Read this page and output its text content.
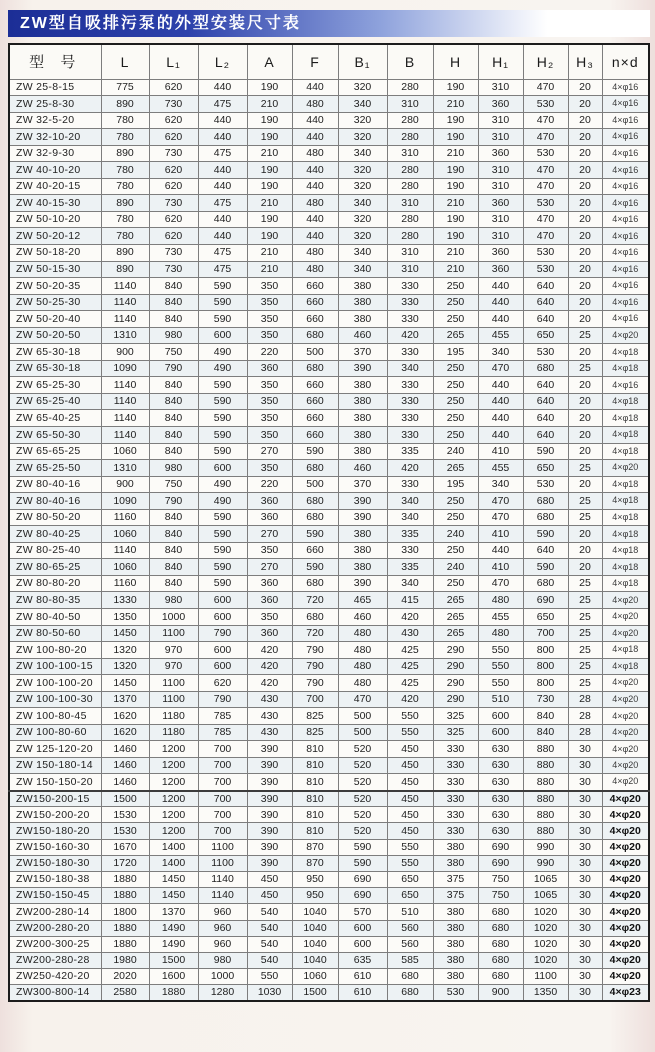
ZW型自吸排污泵的外型安装尺寸表
型 号	L	L₁	L₂	A	F	B₁	B	H	H₁	H₂	H₃	n×d
ZW 25-8-15	775	620	440	190	440	320	280	190	310	470	20	4×φ16
ZW 25-8-30	890	730	475	210	480	340	310	210	360	530	20	4×φ16
ZW 32-5-20	780	620	440	190	440	320	280	190	310	470	20	4×φ16
ZW 32-10-20	780	620	440	190	440	320	280	190	310	470	20	4×φ16
ZW 32-9-30	890	730	475	210	480	340	310	210	360	530	20	4×φ16
ZW 40-10-20	780	620	440	190	440	320	280	190	310	470	20	4×φ16
ZW 40-20-15	780	620	440	190	440	320	280	190	310	470	20	4×φ16
ZW 40-15-30	890	730	475	210	480	340	310	210	360	530	20	4×φ16
ZW 50-10-20	780	620	440	190	440	320	280	190	310	470	20	4×φ16
ZW 50-20-12	780	620	440	190	440	320	280	190	310	470	20	4×φ16
ZW 50-18-20	890	730	475	210	480	340	310	210	360	530	20	4×φ16
ZW 50-15-30	890	730	475	210	480	340	310	210	360	530	20	4×φ16
ZW 50-20-35	1140	840	590	350	660	380	330	250	440	640	20	4×φ16
ZW 50-25-30	1140	840	590	350	660	380	330	250	440	640	20	4×φ16
ZW 50-20-40	1140	840	590	350	660	380	330	250	440	640	20	4×φ16
ZW 50-20-50	1310	980	600	350	680	460	420	265	455	650	25	4×φ20
ZW 65-30-18	900	750	490	220	500	370	330	195	340	530	20	4×φ18
ZW 65-30-18	1090	790	490	360	680	390	340	250	470	680	25	4×φ18
ZW 65-25-30	1140	840	590	350	660	380	330	250	440	640	20	4×φ16
ZW 65-25-40	1140	840	590	350	660	380	330	250	440	640	20	4×φ18
ZW 65-40-25	1140	840	590	350	660	380	330	250	440	640	20	4×φ18
ZW 65-50-30	1140	840	590	350	660	380	330	250	440	640	20	4×φ18
ZW 65-65-25	1060	840	590	270	590	380	335	240	410	590	20	4×φ18
ZW 65-25-50	1310	980	600	350	680	460	420	265	455	650	25	4×φ20
ZW 80-40-16	900	750	490	220	500	370	330	195	340	530	20	4×φ18
ZW 80-40-16	1090	790	490	360	680	390	340	250	470	680	25	4×φ18
ZW 80-50-20	1160	840	590	360	680	390	340	250	470	680	25	4×φ18
ZW 80-40-25	1060	840	590	270	590	380	335	240	410	590	20	4×φ18
ZW 80-25-40	1140	840	590	350	660	380	330	250	440	640	20	4×φ18
ZW 80-65-25	1060	840	590	270	590	380	335	240	410	590	20	4×φ18
ZW 80-80-20	1160	840	590	360	680	390	340	250	470	680	25	4×φ18
ZW 80-80-35	1330	980	600	360	720	465	415	265	480	690	25	4×φ20
ZW 80-40-50	1350	1000	600	350	680	460	420	265	455	650	25	4×φ20
ZW 80-50-60	1450	1100	790	360	720	480	430	265	480	700	25	4×φ20
ZW 100-80-20	1320	970	600	420	790	480	425	290	550	800	25	4×φ18
ZW 100-100-15	1320	970	600	420	790	480	425	290	550	800	25	4×φ18
ZW 100-100-20	1450	1100	620	420	790	480	425	290	550	800	25	4×φ20
ZW 100-100-30	1370	1100	790	430	700	470	420	290	510	730	28	4×φ20
ZW 100-80-45	1620	1180	785	430	825	500	550	325	600	840	28	4×φ20
ZW 100-80-60	1620	1180	785	430	825	500	550	325	600	840	28	4×φ20
ZW 125-120-20	1460	1200	700	390	810	520	450	330	630	880	30	4×φ20
ZW 150-180-14	1460	1200	700	390	810	520	450	330	630	880	30	4×φ20
ZW 150-150-20	1460	1200	700	390	810	520	450	330	630	880	30	4×φ20
ZW150-200-15	1500	1200	700	390	810	520	450	330	630	880	30	4×φ20
ZW150-200-20	1530	1200	700	390	810	520	450	330	630	880	30	4×φ20
ZW150-180-20	1530	1200	700	390	810	520	450	330	630	880	30	4×φ20
ZW150-160-30	1670	1400	1100	390	870	590	550	380	690	990	30	4×φ20
ZW150-180-30	1720	1400	1100	390	870	590	550	380	690	990	30	4×φ20
ZW150-180-38	1880	1450	1140	450	950	690	650	375	750	1065	30	4×φ20
ZW150-150-45	1880	1450	1140	450	950	690	650	375	750	1065	30	4×φ20
ZW200-280-14	1800	1370	960	540	1040	570	510	380	680	1020	30	4×φ20
ZW200-280-20	1880	1490	960	540	1040	600	560	380	680	1020	30	4×φ20
ZW200-300-25	1880	1490	960	540	1040	600	560	380	680	1020	30	4×φ20
ZW200-280-28	1980	1500	980	540	1040	635	585	380	680	1020	30	4×φ20
ZW250-420-20	2020	1600	1000	550	1060	610	680	380	680	1100	30	4×φ20
ZW300-800-14	2580	1880	1280	1030	1500	610	680	530	900	1350	30	4×φ23
